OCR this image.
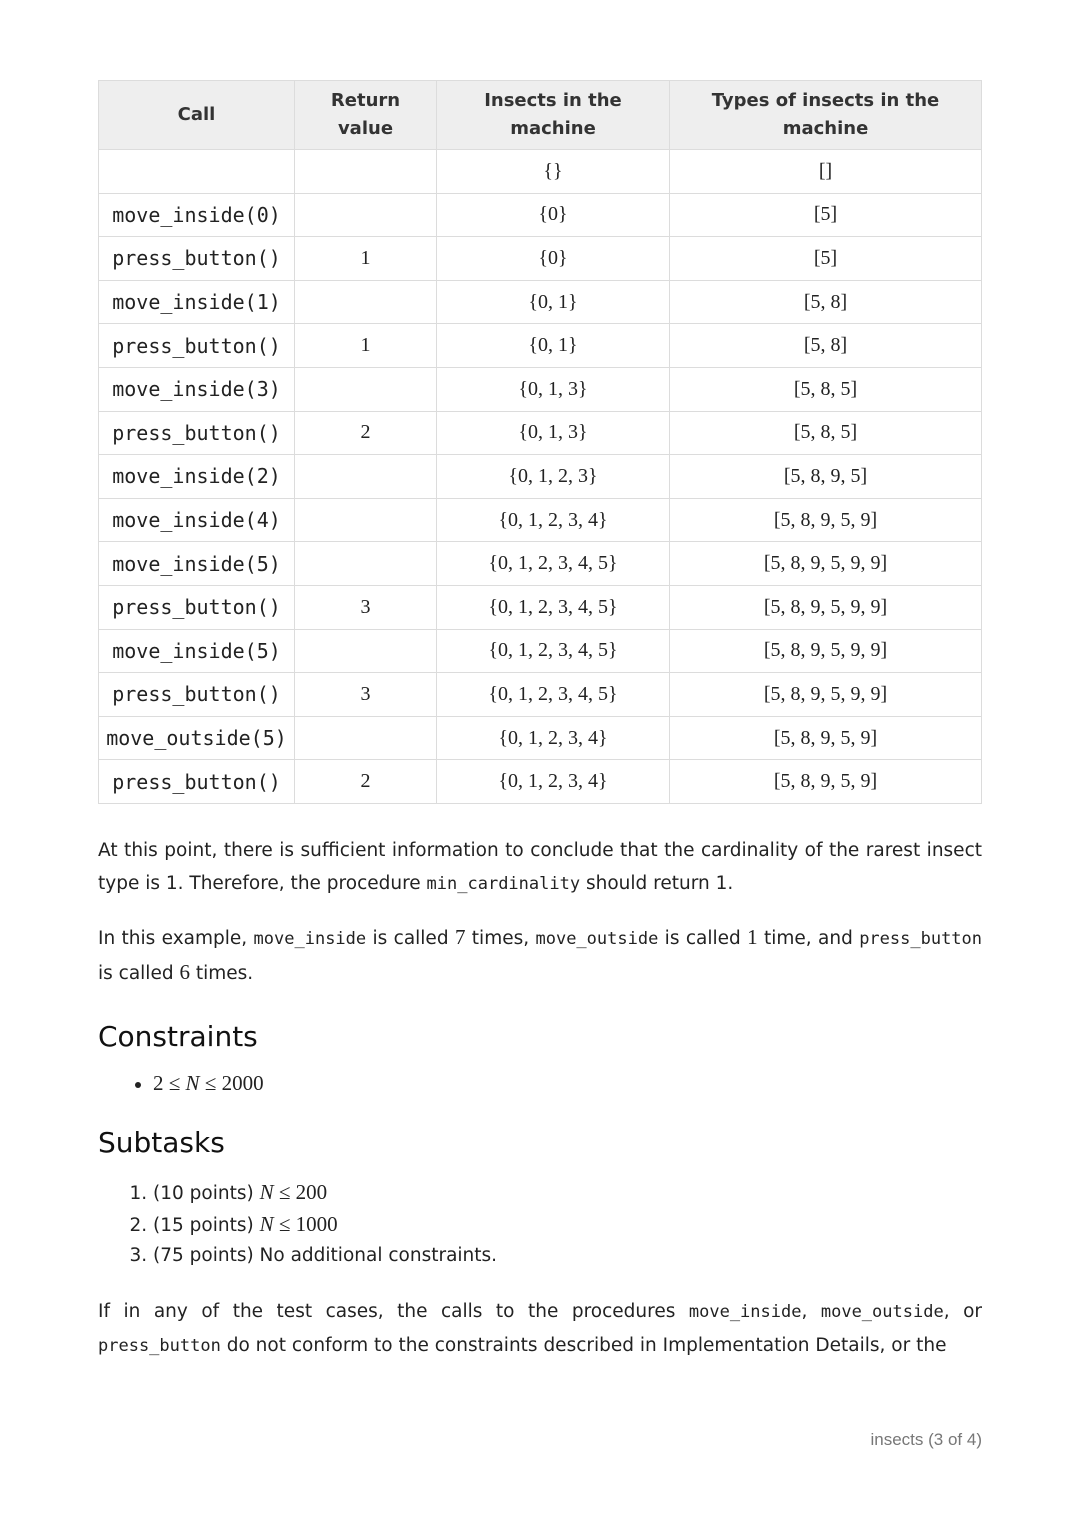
Call	Return value	Insects in the machine	Types of insects in the machine

		{}	[]
move_inside(0)		{0}	[5]
press_button()	1	{0}	[5]
move_inside(1)		{0, 1}	[5, 8]
press_button()	1	{0, 1}	[5, 8]
move_inside(3)		{0, 1, 3}	[5, 8, 5]
press_button()	2	{0, 1, 3}	[5, 8, 5]
move_inside(2)		{0, 1, 2, 3}	[5, 8, 9, 5]
move_inside(4)		{0, 1, 2, 3, 4}	[5, 8, 9, 5, 9]
move_inside(5)		{0, 1, 2, 3, 4, 5}	[5, 8, 9, 5, 9, 9]
press_button()	3	{0, 1, 2, 3, 4, 5}	[5, 8, 9, 5, 9, 9]
move_inside(5)		{0, 1, 2, 3, 4, 5}	[5, 8, 9, 5, 9, 9]
press_button()	3	{0, 1, 2, 3, 4, 5}	[5, 8, 9, 5, 9, 9]
move_outside(5)		{0, 1, 2, 3, 4}	[5, 8, 9, 5, 9]
press_button()	2	{0, 1, 2, 3, 4}	[5, 8, 9, 5, 9]

At this point, there is sufficient information to conclude that the cardinality of the rarest insect type is 1. Therefore, the procedure min_cardinality should return 1.

In this example, move_inside is called 7 times, move_outside is called 1 time, and press_button is called 6 times.

Constraints
• 2 ≤ N ≤ 2000
Subtasks
1. (10 points) N ≤ 200
2. (15 points) N ≤ 1000
3. (75 points) No additional constraints.

If in any of the test cases, the calls to the procedures move_inside, move_outside, or press_button do not conform to the constraints described in Implementation Details, or the

insects (3 of 4)
